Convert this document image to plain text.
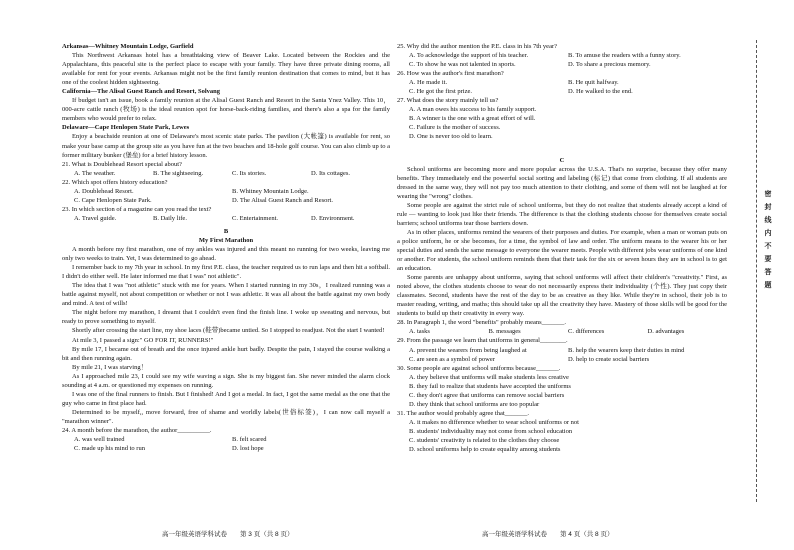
Arkansas—Whitney Mountain Lodge, Garfield

This Northwest Arkansas hotel has a breathtaking view of Beaver Lake. Located between the Rockies and the Appalachians, this peaceful site is the perfect place to escape with your family. They have three private dining rooms, all available for rent for your events. Arkansas might not be the first family reunion destination that comes to mind, but it has one of the coolest hidden sightseeing.

California—The Alisal Guest Ranch and Resort, Solvang

If budget isn't an issue, book a family reunion at the Alisal Guest Ranch and Resort in the Santa Ynez Valley. This 10，000-acre cattle ranch (牧场) is the ideal reunion spot for horse-back-riding families, and there's also a spa for the family members who would prefer to relax.

Delaware—Cape Henlopen State Park, Lewes

Enjoy a beachside reunion at one of Delaware's most scenic state parks. The pavilion (大帐篷) is available for rent, so make your base camp at the group site as you have fun at the two beaches and 18-hole golf course. You can also climb up to a former military bunker (堡垒) for a brief history lesson.

21. What is Doublehead Resort special about?

A. The weather.	B. The sightseeing.	C. Its stories.	D. Its cottages.

22. Which spot offers history education?

A. Doublehead Resort.	B. Whitney Mountain Lodge.
C. Cape Henlopen State Park.	D. The Alisal Guest Ranch and Resort.

23. In which section of a magazine can you read the text?

A. Travel guide.	B. Daily life.	C. Entertainment.	D. Environment.

B

My First Marathon

A month before my first marathon, one of my ankles was injured and this meant no running for two weeks, leaving me only two weeks to train. Yet, I was determined to go ahead.

I remember back to my 7th year in school. In my first P.E. class, the teacher required us to run laps and then hit a softball. I didn't do either well. He later informed me that I was" not athletic".

The idea that I was "not athletic" stuck with me for years. When I started running in my 30s，I realized running was a battle against myself, not about competition or whether or not I was athletic. It was all about the battle against my own body and mind. A test of wills!

The night before my marathon, I dreamt that I couldn't even find the finish line. I woke up sweating and nervous, but ready to prove something to myself.

Shortly after crossing the start line, my shoe laces (鞋带)became untied. So I stopped to readjust. Not the start I wanted!

At mile 3, I passed a sign:" GO FOR IT, RUNNERS!"

By mile 17, I became out of breath and the once injured ankle hurt badly. Despite the pain, I stayed the course walking a bit and then running again.

By mile 21, I was starving！

As I approached mile 23, I could see my wife waving a sign. She is my biggest fan. She never minded the alarm clock sounding at 4 a.m. or questioned my expenses on running.

I was one of the final runners to finish. But I finished! And I got a medal. In fact, I got the same medal as the one that the guy who came in first place had.

Determined to be myself,, move forward, free of shame and worldly labels(世俗标签)，I can now call myself a "marathon winner".

24. A month before the marathon, the author__________.

A. was well trained	B. felt scared
C. made up his mind to run	D. lost hope

25. Why did the author mention the P.E. class in his 7th year?

A. To acknowledge the support of his teacher.	B. To amuse the readers with a funny story.
C. To show he was not talented in sports.	D. To share a precious memory.

26. How was the author's first marathon?

A. He made it.	B. He quit halfway.
C. He got the first prize.	D. He walked to the end.

27. What does the story mainly tell us?

A. A man owes his success to his family support.

B. A winner is the one with a great effort of will.

C. Failure is the mother of success.

D. One is never too old to learn.

C

School uniforms are becoming more and more popular across the U.S.A. That's no surprise, because they offer many benefits. They immediately end the powerful social sorting and labeling (标记) that come from clothing. If all students are dressed in the same way, they will not pay too much attention to their clothing, and some of them will not be laughed at for wearing the "wrong" clothes.

Some people are against the strict rule of school uniforms, but they do not realize that students already accept a kind of rule — wanting to look just like their friends. The difference is that the clothing students choose for themselves create social barriers; school uniforms tear those barriers down.

As in other places, uniforms remind the wearers of their purposes and duties. For example, when a man or woman puts on a police uniform, he or she becomes, for a time, the symbol of law and order. The uniform means to the wearer his or her special duties and sends the same message to everyone the wearer meets. People with different jobs wear uniforms of one kind or another. For students, the school uniform reminds them that their task for the six or seven hours they are in school is to get an education.

Some parents are unhappy about uniforms, saying that school uniforms will affect their children's "creativity." First, as noted above, the clothes students choose to wear do not necessarily express their individuality (个性). They just copy their classmates. Second, students have the rest of the day to be as creative as they like. While they're in school, their job is to master reading, writing, and maths; this should take up all the creativity they have. Mastery of those skills will be good for the students to build up their creativity in every way.

28. In Paragraph 1, the word "benefits" probably means_______.

A. tasks	B. messages	C. differences	D. advantages

29. From the passage we learn that uniforms in general________.

A. prevent the wearers from being laughed at	B. help the wearers keep their duties in mind
C. are seen as a symbol of power	D. help to create social barriers

30. Some people are against school uniforms because_______.

A. they believe that uniforms will make students less creative

B. they fail to realize that students have accepted the uniforms

C. they don't agree that uniforms can remove social barriers

D. they think that school uniforms are too popular

31. The author would probably agree that_______.

A. it makes no difference whether to wear school uniforms or not

B. students' individuality may not come from school education

C. students' creativity is related to the clothes they choose

D. school uniforms help to create equality among students

高一年级英语学科试卷　　第 3 页（共 8 页）	高一年级英语学科试卷　　第 4 页（共 8 页）
密
封
线
内
不
要
答
题
